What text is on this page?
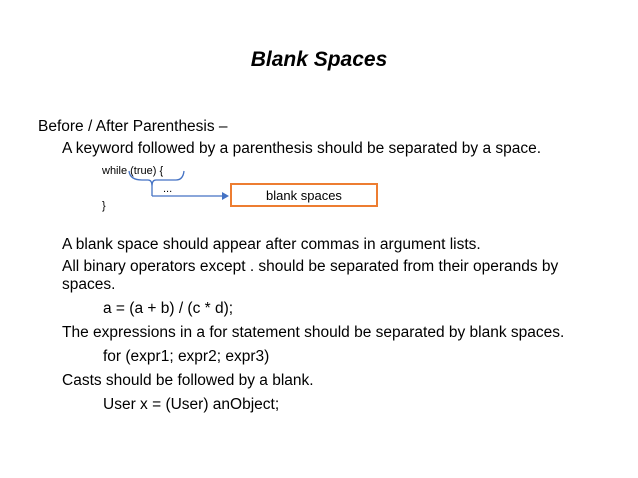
Blank Spaces
Before / After Parenthesis –
A keyword followed by a parenthesis should be separated by a space.
while (true) {
...
}
blank spaces
A blank space should appear after commas in argument lists.
All binary operators except . should be separated from their operands by
spaces.
a = (a + b) / (c * d);
The expressions in a for statement should be separated by blank spaces.
for (expr1; expr2; expr3)
Casts should be followed by a blank.
User x = (User) anObject;
